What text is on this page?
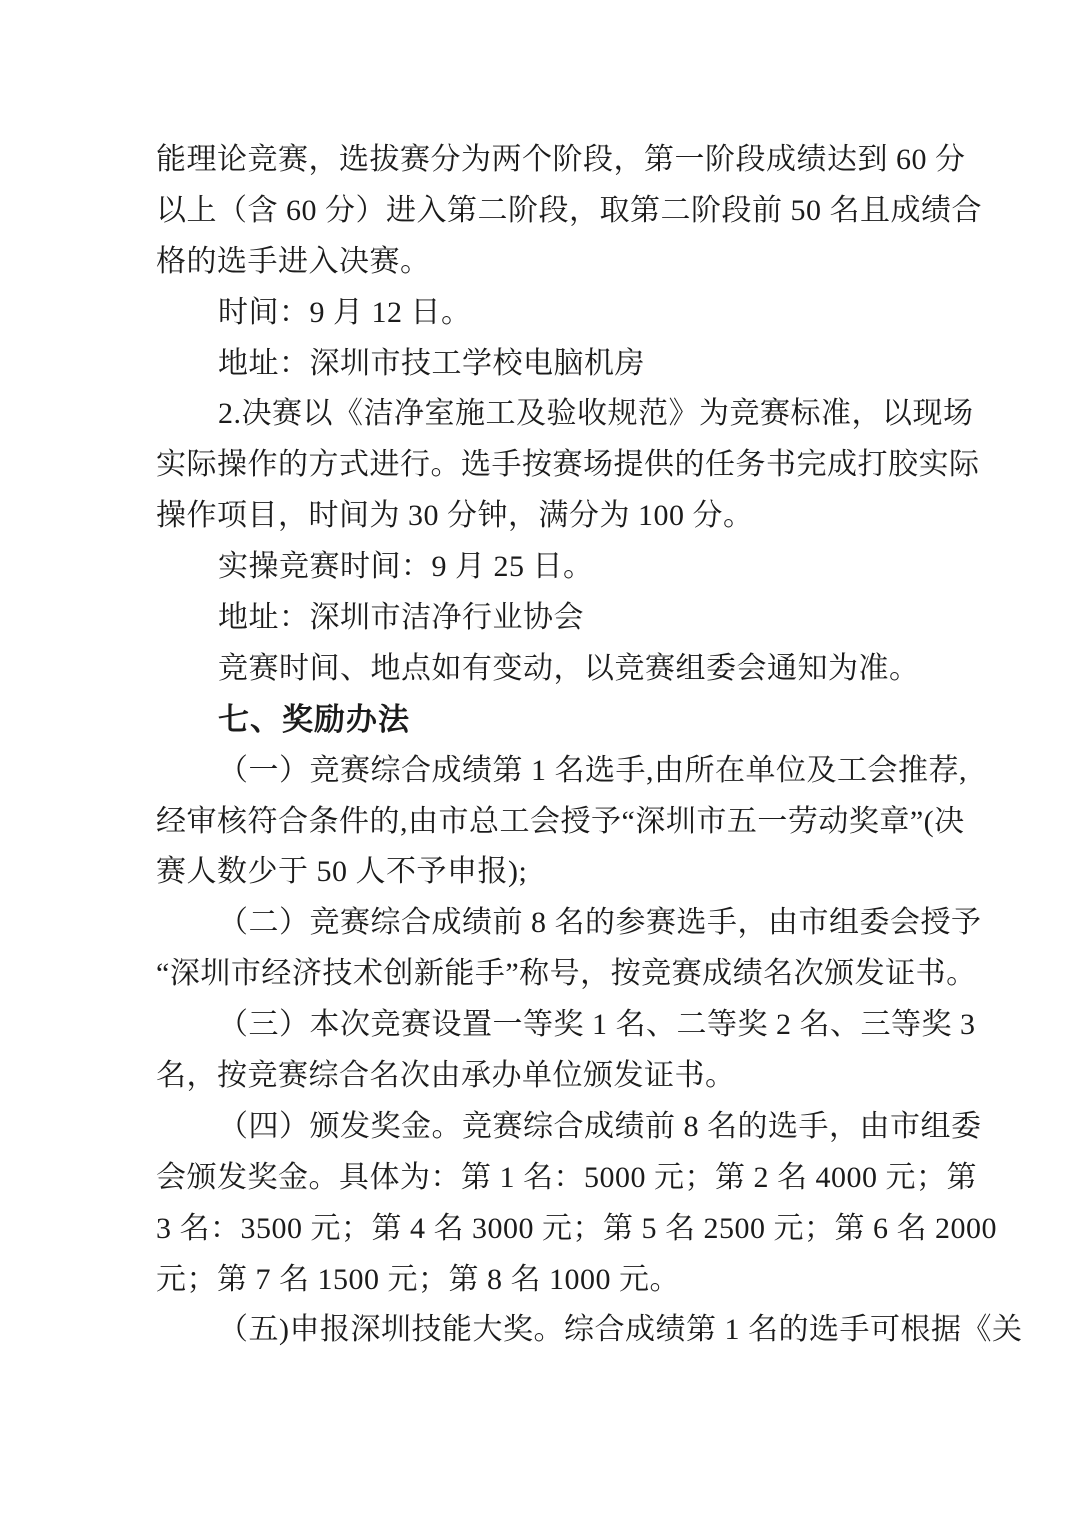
能理论竞赛，选拔赛分为两个阶段，第一阶段成绩达到 60 分
以上（含 60 分）进入第二阶段，取第二阶段前 50 名且成绩合
格的选手进入决赛。
时间：9 月 12 日。
地址：深圳市技工学校电脑机房
2.决赛以《洁净室施工及验收规范》为竞赛标准，以现场
实际操作的方式进行。选手按赛场提供的任务书完成打胶实际
操作项目，时间为 30 分钟，满分为 100 分。
实操竞赛时间：9 月 25 日。
地址：深圳市洁净行业协会
竞赛时间、地点如有变动，以竞赛组委会通知为准。
七、奖励办法
（一）竞赛综合成绩第 1 名选手,由所在单位及工会推荐,
经审核符合条件的,由市总工会授予“深圳市五一劳动奖章”(决
赛人数少于 50 人不予申报);
（二）竞赛综合成绩前 8 名的参赛选手，由市组委会授予
“深圳市经济技术创新能手”称号，按竞赛成绩名次颁发证书。
（三）本次竞赛设置一等奖 1 名、二等奖 2 名、三等奖 3
名，按竞赛综合名次由承办单位颁发证书。
（四）颁发奖金。竞赛综合成绩前 8 名的选手，由市组委
会颁发奖金。具体为：第 1 名：5000 元；第 2 名 4000 元；第
3 名：3500 元；第 4 名 3000 元；第 5 名 2500 元；第 6 名 2000
元；第 7 名 1500 元；第 8 名 1000 元。
（五)申报深圳技能大奖。综合成绩第 1 名的选手可根据《关
